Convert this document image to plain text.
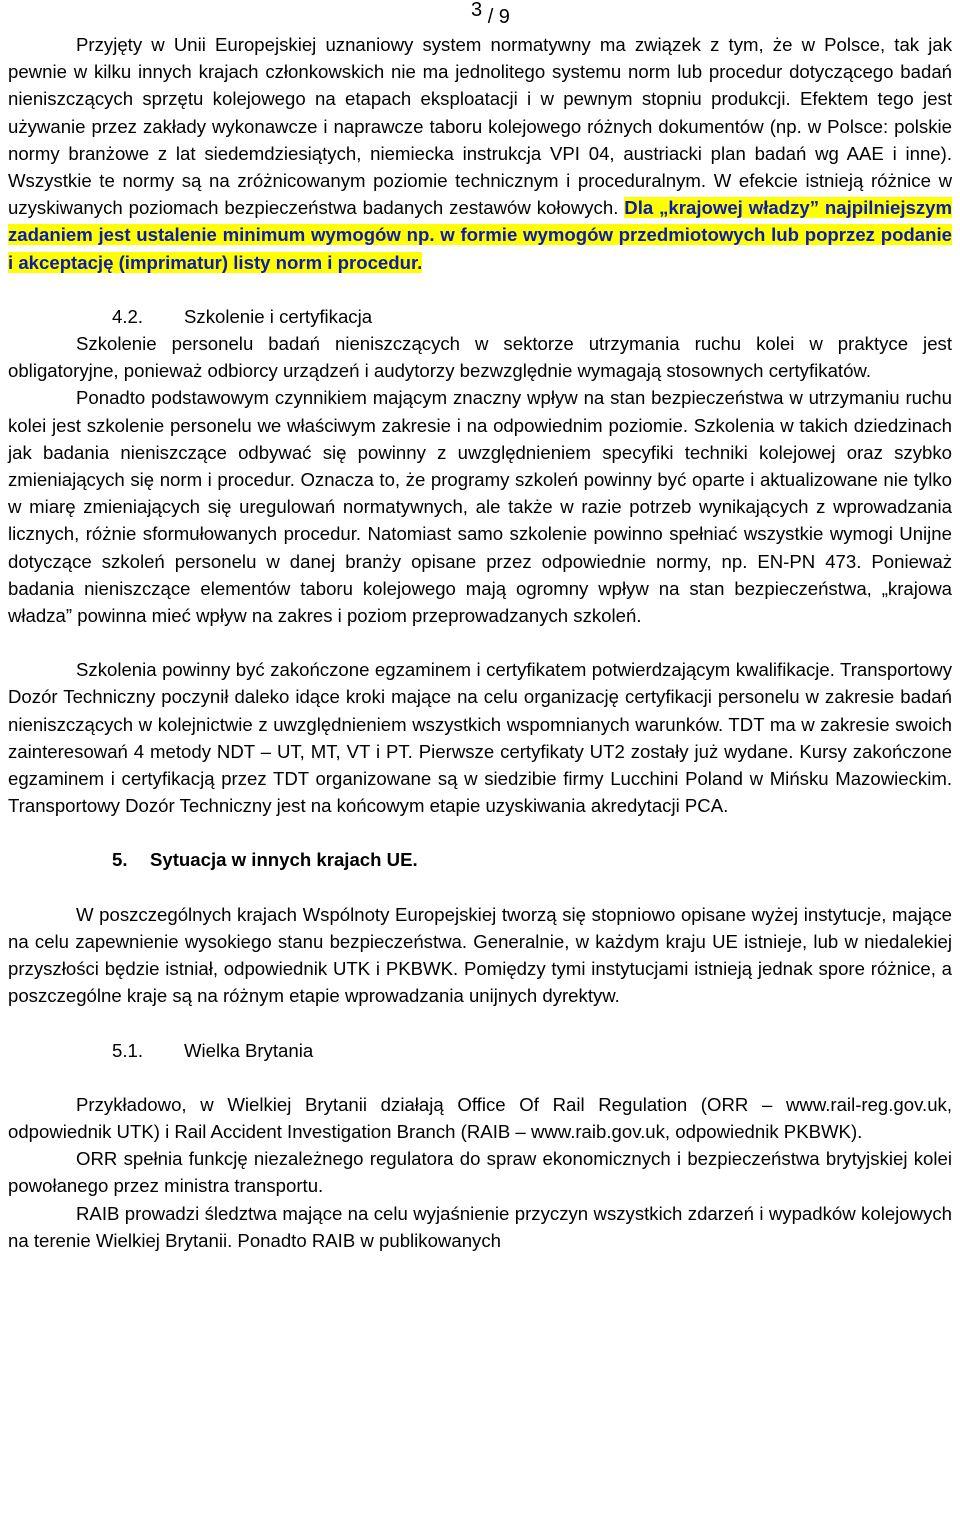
3 / 9

Przyjęty w Unii Europejskiej uznaniowy system normatywny ma związek z tym, że w Polsce, tak jak pewnie w kilku innych krajach członkowskich nie ma jednolitego systemu norm lub procedur dotyczącego badań nieniszczących sprzętu kolejowego na etapach eksploatacji i w pewnym stopniu produkcji. Efektem tego jest używanie przez zakłady wykonawcze i naprawcze taboru kolejowego różnych dokumentów (np. w Polsce: polskie normy branżowe z lat siedemdziesiątych, niemiecka instrukcja VPI 04, austriacki plan badań wg AAE i inne). Wszystkie te normy są na zróżnicowanym poziomie technicznym i proceduralnym. W efekcie istnieją różnice w uzyskiwanych poziomach bezpieczeństwa badanych zestawów kołowych. Dla „krajowej władzy” najpilniejszym zadaniem jest ustalenie minimum wymogów np. w formie wymogów przedmiotowych lub poprzez podanie i akceptację (imprimatur) listy norm i procedur.

4.2. Szkolenie i certyfikacja

Szkolenie personelu badań nieniszczących w sektorze utrzymania ruchu kolei w praktyce jest obligatoryjne, ponieważ odbiorcy urządzeń i audytorzy bezwzględnie wymagają stosownych certyfikatów.

Ponadto podstawowym czynnikiem mającym znaczny wpływ na stan bezpieczeństwa w utrzymaniu ruchu kolei jest szkolenie personelu we właściwym zakresie i na odpowiednim poziomie. Szkolenia w takich dziedzinach jak badania nieniszczące odbywać się powinny z uwzględnieniem specyfiki techniki kolejowej oraz szybko zmieniających się norm i procedur. Oznacza to, że programy szkoleń powinny być oparte i aktualizowane nie tylko w miarę zmieniających się uregulowań normatywnych, ale także w razie potrzeb wynikających z wprowadzania licznych, różnie sformułowanych procedur. Natomiast samo szkolenie powinno spełniać wszystkie wymogi Unijne dotyczące szkoleń personelu w danej branży opisane przez odpowiednie normy, np. EN-PN 473. Ponieważ badania nieniszczące elementów taboru kolejowego mają ogromny wpływ na stan bezpieczeństwa, „krajowa władza” powinna mieć wpływ na zakres i poziom przeprowadzanych szkoleń.

Szkolenia powinny być zakończone egzaminem i certyfikatem potwierdzającym kwalifikacje. Transportowy Dozór Techniczny poczynił daleko idące kroki mające na celu organizację certyfikacji personelu w zakresie badań nieniszczących w kolejnictwie z uwzględnieniem wszystkich wspomnianych warunków. TDT ma w zakresie swoich zainteresowań 4 metody NDT – UT, MT, VT i PT. Pierwsze certyfikaty UT2 zostały już wydane. Kursy zakończone egzaminem i certyfikacją przez TDT organizowane są w siedzibie firmy Lucchini Poland w Mińsku Mazowieckim. Transportowy Dozór Techniczny jest na końcowym etapie uzyskiwania akredytacji PCA.

5. Sytuacja w innych krajach UE.

W poszczególnych krajach Wspólnoty Europejskiej tworzą się stopniowo opisane wyżej instytucje, mające na celu zapewnienie wysokiego stanu bezpieczeństwa. Generalnie, w każdym kraju UE istnieje, lub w niedalekiej przyszłości będzie istniał, odpowiednik UTK i PKBWK. Pomiędzy tymi instytucjami istnieją jednak spore różnice, a poszczególne kraje są na różnym etapie wprowadzania unijnych dyrektyw.

5.1. Wielka Brytania

Przykładowo, w Wielkiej Brytanii działają Office Of Rail Regulation (ORR – www.rail-reg.gov.uk, odpowiednik UTK) i Rail Accident Investigation Branch (RAIB – www.raib.gov.uk, odpowiednik PKBWK).

ORR spełnia funkcję niezależnego regulatora do spraw ekonomicznych i bezpieczeństwa brytyjskiej kolei powołanego przez ministra transportu.

RAIB prowadzi śledztwa mające na celu wyjaśnienie przyczyn wszystkich zdarzeń i wypadków kolejowych na terenie Wielkiej Brytanii. Ponadto RAIB w publikowanych
